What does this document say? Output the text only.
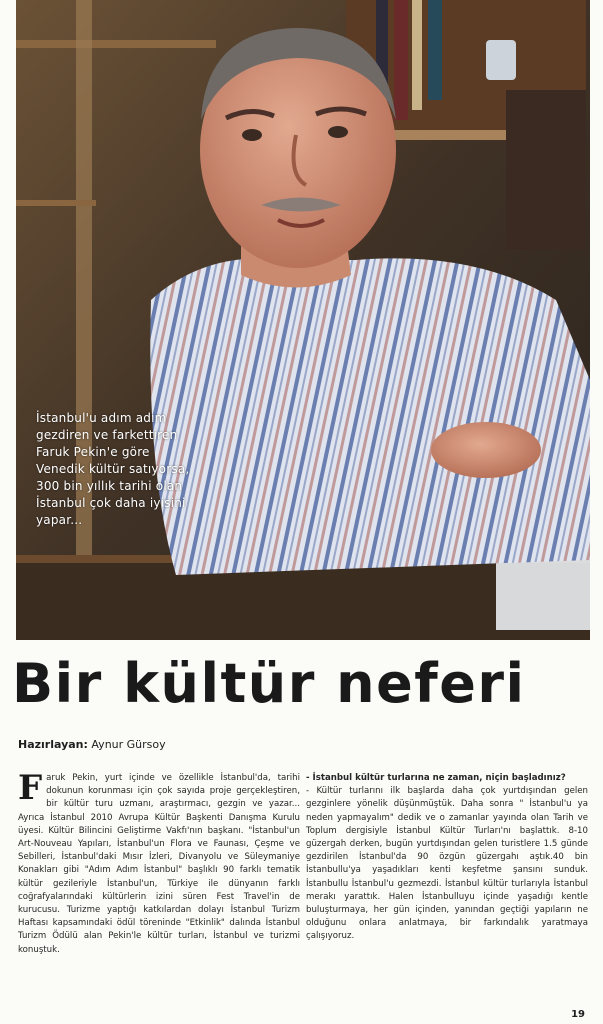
İstanbul'u adım adım gezdiren ve farkettiren Faruk Pekin'e göre Venedik kültür satıyorsa, 300 bin yıllık tarihi olan İstanbul çok daha iyisini yapar...
Bir kültür neferi
Hazırlayan: Aynur Gürsoy
F aruk Pekin, yurt içinde ve özellikle İstanbul'da, tarihi dokunun korunması için çok sayıda proje gerçekleştiren, bir kültür turu uzmanı, araştırmacı, gezgin ve yazar... Ayrıca İstanbul 2010 Avrupa Kültür Başkenti Danışma Kurulu üyesi. Kültür Bilincini Geliştirme Vakfı'nın başkanı. "İstanbul'un Art-Nouveau Yapıları, İstanbul'un Flora ve Faunası, Çeşme ve Sebilleri, İstanbul'daki Mısır İzleri, Divanyolu ve Süleymaniye Konakları gibi "Adım Adım İstanbul" başlıklı 90 farklı tematik kültür gezileriyle İstanbul'un, Türkiye ile dünyanın farklı coğrafyalarındaki kültürlerin izini süren Fest Travel'in de kurucusu. Turizme yaptığı katkılardan dolayı İstanbul Turizm Haftası kapsamındaki ödül töreninde "Etkinlik" dalında İstanbul Turizm Ödülü alan Pekin'le kültür turları, İstanbul ve turizmi konuştuk.
- İstanbul kültür turlarına ne zaman, niçin başladınız?
- Kültür turlarını ilk başlarda daha çok yurtdışından gelen gezginlere yönelik düşünmüştük. Daha sonra " İstanbul'u ya neden yapmayalım" dedik ve o zamanlar yayında olan Tarih ve Toplum dergisiyle İstanbul Kültür Turları'nı başlattık. 8-10 güzergah derken, bugün yurtdışından gelen turistlere 1.5 günde gezdirilen İstanbul'da 90 özgün güzergahı aştık.40 bin İstanbullu'ya yaşadıkları kenti keşfetme şansını sunduk. İstanbullu İstanbul'u gezmezdi. İstanbul kültür turlarıyla İstanbul merakı yarattık. Halen İstanbulluyu içinde yaşadığı kentle buluşturmaya, her gün içinden, yanından geçtiği yapıların ne olduğunu onlara anlatmaya, bir farkındalık yaratmaya çalışıyoruz.
19
